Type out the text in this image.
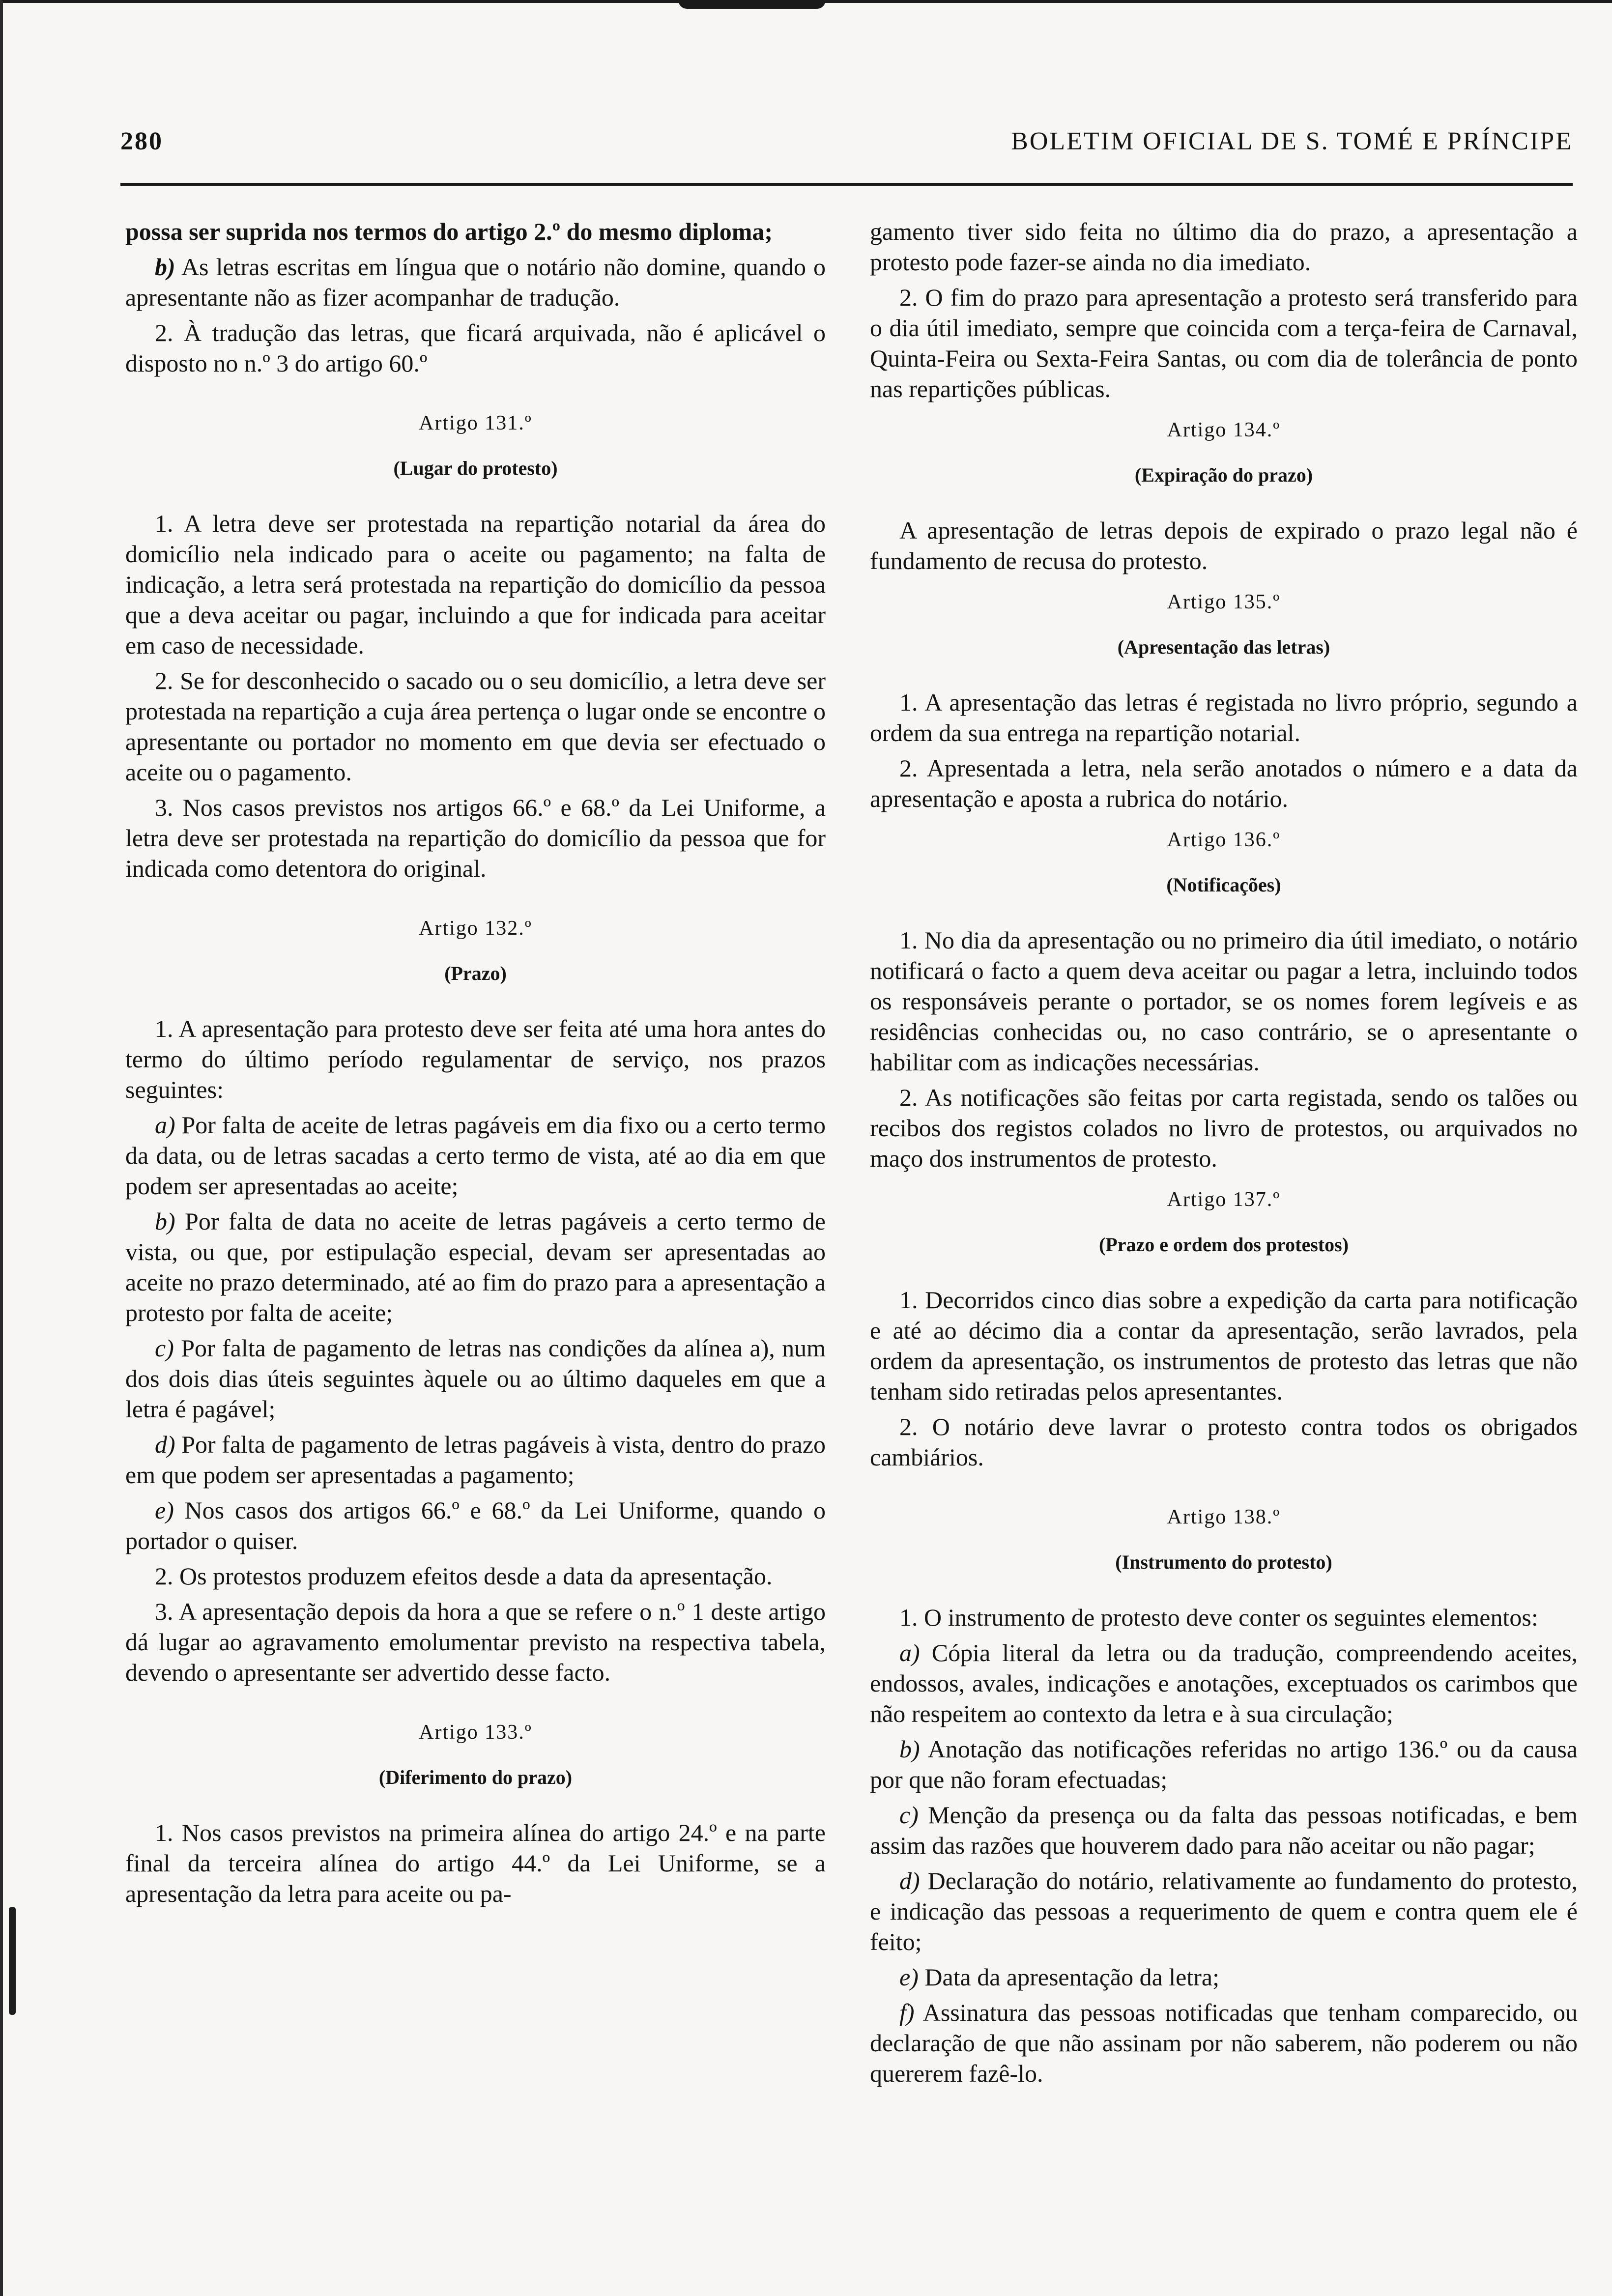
280	BOLETIM OFICIAL DE S. TOMÉ E PRÍNCIPE

possa ser suprida nos termos do artigo 2.º do mesmo diploma;

b) As letras escritas em língua que o notário não domine, quando o apresentante não as fizer acompanhar de tradução.

2. À tradução das letras, que ficará arquivada, não é aplicável o disposto no n.º 3 do artigo 60.º

Artigo 131.º

(Lugar do protesto)

1. A letra deve ser protestada na repartição notarial da área do domicílio nela indicado para o aceite ou pagamento; na falta de indicação, a letra será protestada na repartição do domicílio da pessoa que a deva aceitar ou pagar, incluindo a que for indicada para aceitar em caso de necessidade.

2. Se for desconhecido o sacado ou o seu domicílio, a letra deve ser protestada na repartição a cuja área pertença o lugar onde se encontre o apresentante ou portador no momento em que devia ser efectuado o aceite ou o pagamento.

3. Nos casos previstos nos artigos 66.º e 68.º da Lei Uniforme, a letra deve ser protestada na repartição do domicílio da pessoa que for indicada como detentora do original.

Artigo 132.º

(Prazo)

1. A apresentação para protesto deve ser feita até uma hora antes do termo do último período regulamentar de serviço, nos prazos seguintes:

a) Por falta de aceite de letras pagáveis em dia fixo ou a certo termo da data, ou de letras sacadas a certo termo de vista, até ao dia em que podem ser apresentadas ao aceite;

b) Por falta de data no aceite de letras pagáveis a certo termo de vista, ou que, por estipulação especial, devam ser apresentadas ao aceite no prazo determinado, até ao fim do prazo para a apresentação a protesto por falta de aceite;

c) Por falta de pagamento de letras nas condições da alínea a), num dos dois dias úteis seguintes àquele ou ao último daqueles em que a letra é pagável;

d) Por falta de pagamento de letras pagáveis à vista, dentro do prazo em que podem ser apresentadas a pagamento;

e) Nos casos dos artigos 66.º e 68.º da Lei Uniforme, quando o portador o quiser.

2. Os protestos produzem efeitos desde a data da apresentação.

3. A apresentação depois da hora a que se refere o n.º 1 deste artigo dá lugar ao agravamento emolumentar previsto na respectiva tabela, devendo o apresentante ser advertido desse facto.

Artigo 133.º

(Diferimento do prazo)

1. Nos casos previstos na primeira alínea do artigo 24.º e na parte final da terceira alínea do artigo 44.º da Lei Uniforme, se a apresentação da letra para aceite ou pa-

gamento tiver sido feita no último dia do prazo, a apresentação a protesto pode fazer-se ainda no dia imediato.

2. O fim do prazo para apresentação a protesto será transferido para o dia útil imediato, sempre que coincida com a terça-feira de Carnaval, Quinta-Feira ou Sexta-Feira Santas, ou com dia de tolerância de ponto nas repartições públicas.

Artigo 134.º

(Expiração do prazo)

A apresentação de letras depois de expirado o prazo legal não é fundamento de recusa do protesto.

Artigo 135.º

(Apresentação das letras)

1. A apresentação das letras é registada no livro próprio, segundo a ordem da sua entrega na repartição notarial.

2. Apresentada a letra, nela serão anotados o número e a data da apresentação e aposta a rubrica do notário.

Artigo 136.º

(Notificações)

1. No dia da apresentação ou no primeiro dia útil imediato, o notário notificará o facto a quem deva aceitar ou pagar a letra, incluindo todos os responsáveis perante o portador, se os nomes forem legíveis e as residências conhecidas ou, no caso contrário, se o apresentante o habilitar com as indicações necessárias.

2. As notificações são feitas por carta registada, sendo os talões ou recibos dos registos colados no livro de protestos, ou arquivados no maço dos instrumentos de protesto.

Artigo 137.º

(Prazo e ordem dos protestos)

1. Decorridos cinco dias sobre a expedição da carta para notificação e até ao décimo dia a contar da apresentação, serão lavrados, pela ordem da apresentação, os instrumentos de protesto das letras que não tenham sido retiradas pelos apresentantes.

2. O notário deve lavrar o protesto contra todos os obrigados cambiários.

Artigo 138.º

(Instrumento do protesto)

1. O instrumento de protesto deve conter os seguintes elementos:

a) Cópia literal da letra ou da tradução, compreendendo aceites, endossos, avales, indicações e anotações, exceptuados os carimbos que não respeitem ao contexto da letra e à sua circulação;

b) Anotação das notificações referidas no artigo 136.º ou da causa por que não foram efectuadas;

c) Menção da presença ou da falta das pessoas notificadas, e bem assim das razões que houverem dado para não aceitar ou não pagar;

d) Declaração do notário, relativamente ao fundamento do protesto, e indicação das pessoas a requerimento de quem e contra quem ele é feito;

e) Data da apresentação da letra;

f) Assinatura das pessoas notificadas que tenham comparecido, ou declaração de que não assinam por não saberem, não poderem ou não quererem fazê-lo.
